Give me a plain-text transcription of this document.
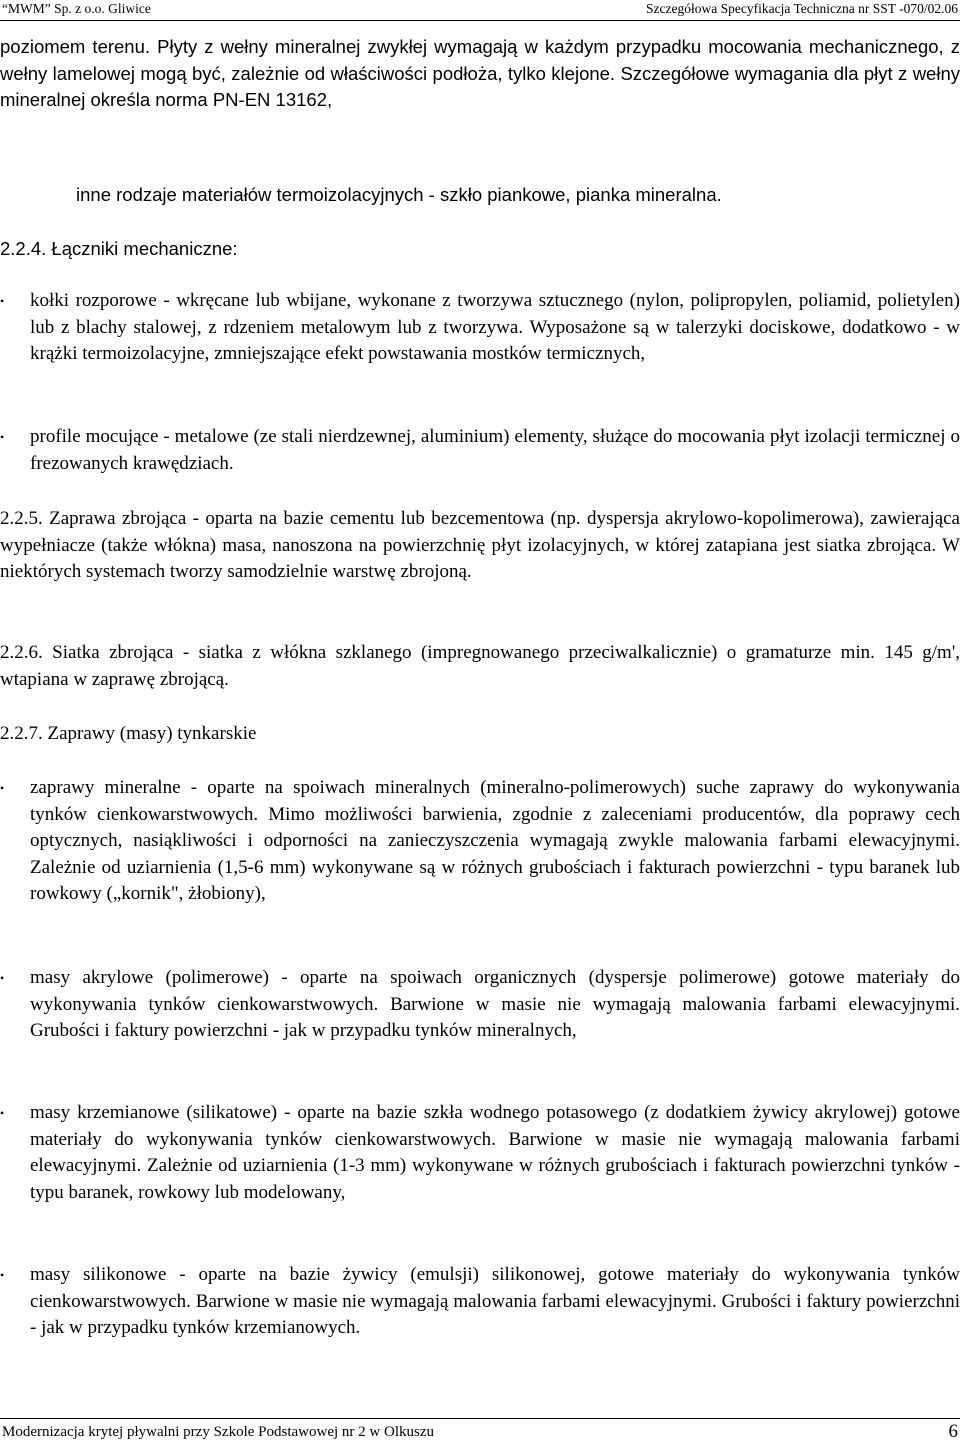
“MWM” Sp. z o.o. Gliwice	Szczegółowa Specyfikacja Techniczna nr SST -070/02.06

poziomem terenu. Płyty z wełny mineralnej zwykłej wymagają w każdym przypadku mocowania mechanicznego, z wełny lamelowej mogą być, zależnie od właściwości podłoża, tylko klejone. Szczegółowe wymagania dla płyt z wełny mineralnej określa norma PN-EN 13162,

inne rodzaje materiałów termoizolacyjnych - szkło piankowe, pianka mineralna.

2.2.4. Łączniki mechaniczne:

•	kołki rozporowe - wkręcane lub wbijane, wykonane z tworzywa sztucznego (nylon, polipropylen, poliamid, polietylen) lub z blachy stalowej, z rdzeniem metalowym lub z tworzywa. Wyposażone są w talerzyki dociskowe, dodatkowo - w krążki termoizolacyjne, zmniejszające efekt powstawania mostków termicznych,
•	profile mocujące - metalowe (ze stali nierdzewnej, aluminium) elementy, służące do mocowania płyt izolacji termicznej o frezowanych krawędziach.

2.2.5. Zaprawa zbrojąca - oparta na bazie cementu lub bezcementowa (np. dyspersja akrylowo-kopolimerowa), zawierająca wypełniacze (także włókna) masa, nanoszona na powierzchnię płyt izolacyjnych, w której zatapiana jest siatka zbrojąca. W niektórych systemach tworzy samodzielnie warstwę zbrojoną.

2.2.6. Siatka zbrojąca - siatka z włókna szklanego (impregnowanego przeciwalkalicznie) o gramaturze min. 145 g/m', wtapiana w zaprawę zbrojącą.

2.2.7. Zaprawy (masy) tynkarskie

•	zaprawy mineralne - oparte na spoiwach mineralnych (mineralno-polimerowych) suche zaprawy do wykonywania tynków cienkowarstwowych. Mimo możliwości barwienia, zgodnie z zaleceniami producentów, dla poprawy cech optycznych, nasiąkliwości i odporności na zanieczyszczenia wymagają zwykle malowania farbami elewacyjnymi. Zależnie od uziarnienia (1,5-6 mm) wykonywane są w różnych grubościach i fakturach powierzchni - typu baranek lub rowkowy („kornik", żłobiony),
•	masy akrylowe (polimerowe) - oparte na spoiwach organicznych (dyspersje polimerowe) gotowe materiały do wykonywania tynków cienkowarstwowych. Barwione w masie nie wymagają malowania farbami elewacyjnymi. Grubości i faktury powierzchni - jak w przypadku tynków mineralnych,
•	masy krzemianowe (silikatowe) - oparte na bazie szkła wodnego potasowego (z dodatkiem żywicy akrylowej) gotowe materiały do wykonywania tynków cienkowarstwowych. Barwione w masie nie wymagają malowania farbami elewacyjnymi. Zależnie od uziarnienia (1-3 mm) wykonywane w różnych grubościach i fakturach powierzchni tynków - typu baranek, rowkowy lub modelowany,
•	masy silikonowe - oparte na bazie żywicy (emulsji) silikonowej, gotowe materiały do wykonywania tynków cienkowarstwowych. Barwione w masie nie wymagają malowania farbami elewacyjnymi. Grubości i faktury powierzchni - jak w przypadku tynków krzemianowych.
Modernizacja krytej pływalni przy Szkole Podstawowej nr 2 w Olkuszu	6
